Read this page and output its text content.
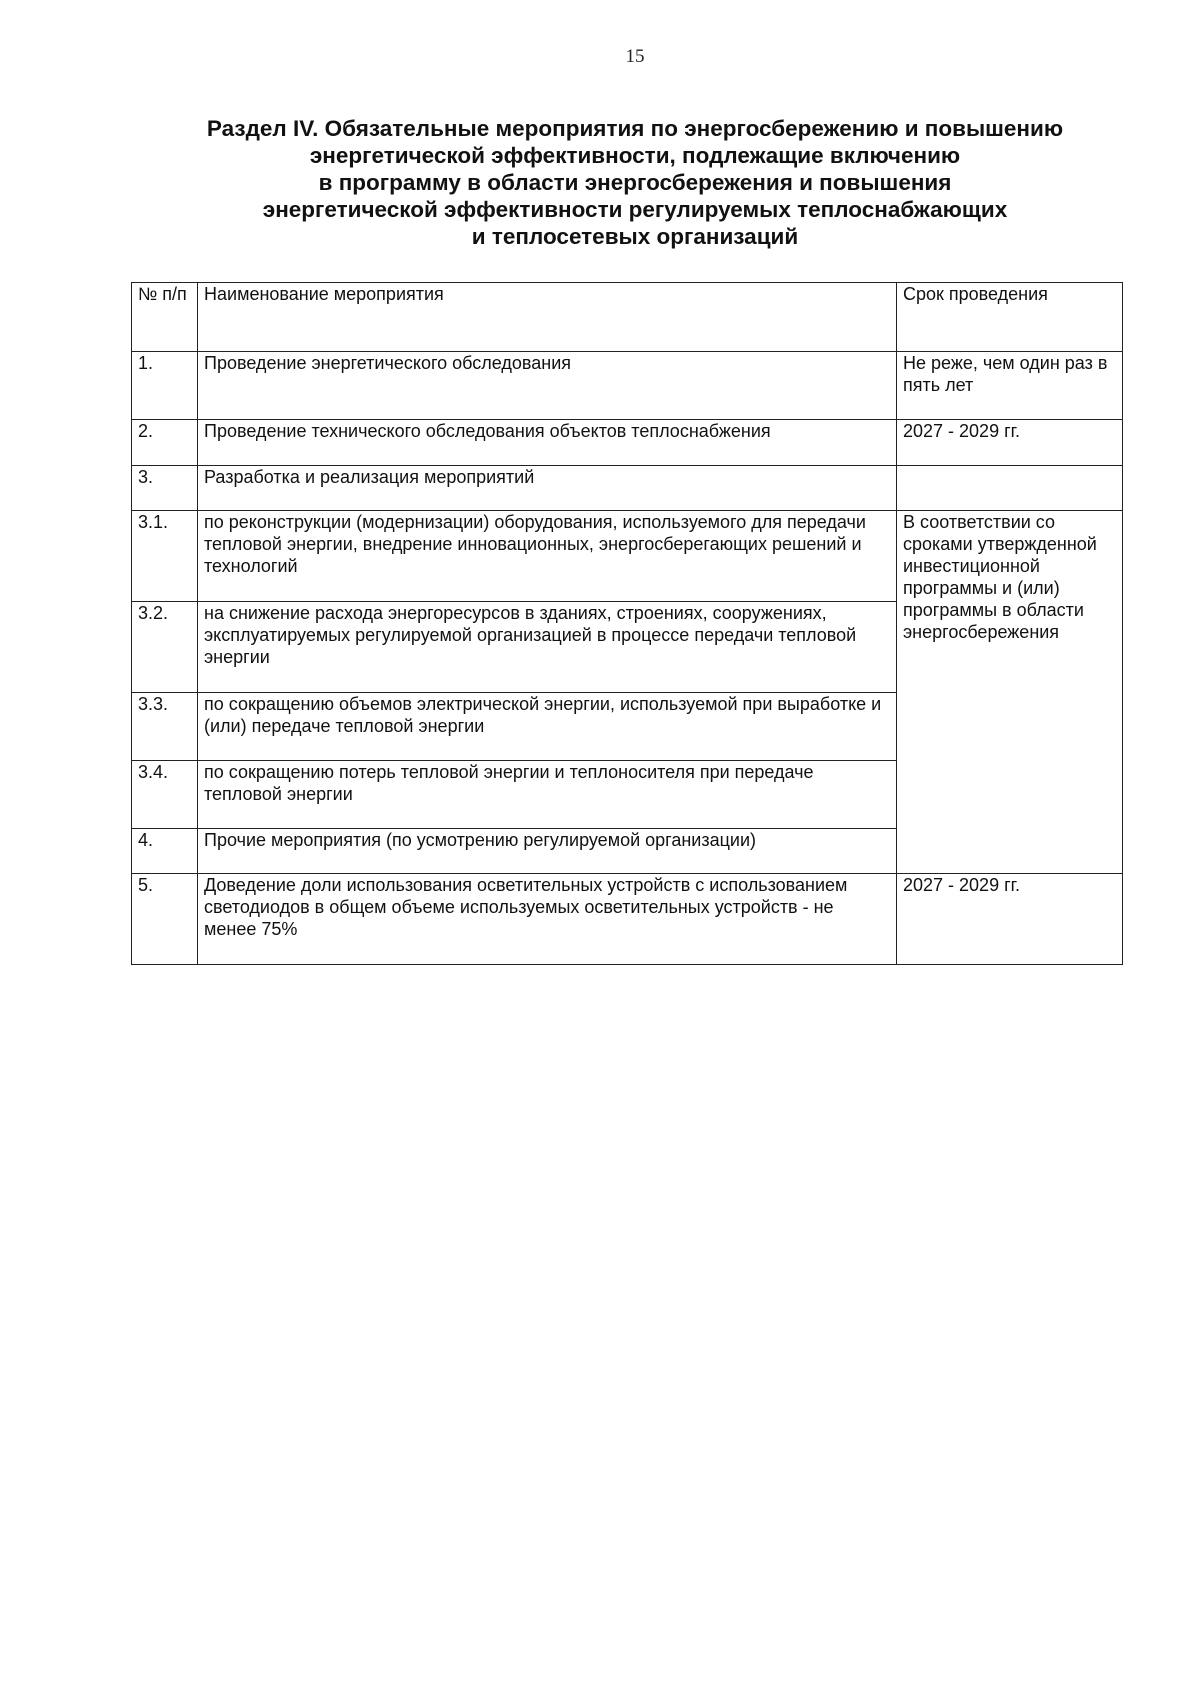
15
Раздел IV. Обязательные мероприятия по энергосбережению и повышению
энергетической эффективности, подлежащие включению
в программу в области энергосбережения и повышения
энергетической эффективности регулируемых теплоснабжающих
и теплосетевых организаций
№ п/п	Наименование мероприятия	Срок проведения
1.	Проведение энергетического обследования	Не реже, чем один раз в пять лет
2.	Проведение технического обследования объектов теплоснабжения	2027 - 2029 гг.
3.	Разработка и реализация мероприятий	
3.1.	по реконструкции (модернизации) оборудования, используемого для передачи тепловой энергии, внедрение инновационных, энергосберегающих решений и технологий	В соответствии со сроками утвержденной инвестиционной программы и (или) программы в области энергосбережения
3.2.	на снижение расхода энергоресурсов в зданиях, строениях, сооружениях, эксплуатируемых регулируемой организацией в процессе передачи тепловой энергии	
3.3.	по сокращению объемов электрической энергии, используемой при выработке и (или) передаче тепловой энергии	
3.4.	по сокращению потерь тепловой энергии и теплоносителя при передаче тепловой энергии	
4.	Прочие мероприятия (по усмотрению регулируемой организации)	
5.	Доведение доли использования осветительных устройств с использованием светодиодов в общем объеме используемых осветительных устройств - не менее 75%	2027 - 2029 гг.
